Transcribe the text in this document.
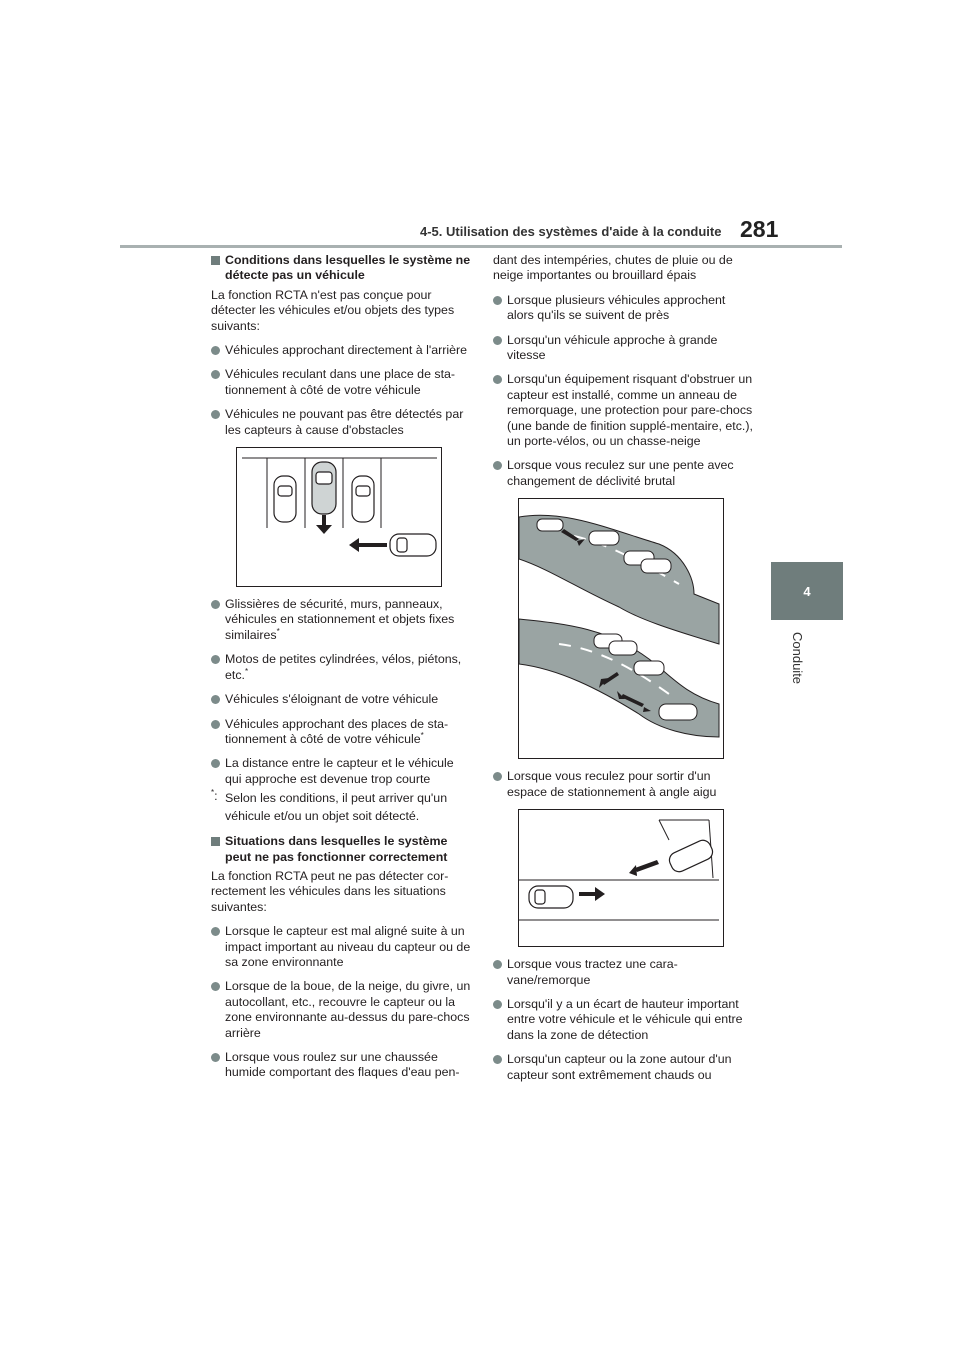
4-5. Utilisation des systèmes d'aide à la conduite 281
4
Conduite
Conditions dans lesquelles le système ne détecte pas un véhicule

La fonction RCTA n'est pas conçue pour détecter les véhicules et/ou objets des types suivants:

Véhicules approchant directement à l'arrière
Véhicules reculant dans une place de sta-tionnement à côté de votre véhicule
Véhicules ne pouvant pas être détectés par les capteurs à cause d'obstacles
Glissières de sécurité, murs, panneaux, véhicules en stationnement et objets fixes similaires*
Motos de petites cylindrées, vélos, piétons, etc.*
Véhicules s'éloignant de votre véhicule
Véhicules approchant des places de sta-tionnement à côté de votre véhicule*
La distance entre le capteur et le véhicule qui approche est devenue trop courte
*: Selon les conditions, il peut arriver qu'un véhicule et/ou un objet soit détecté.
Situations dans lesquelles le système peut ne pas fonctionner correctement

La fonction RCTA peut ne pas détecter cor-rectement les véhicules dans les situations suivantes:

Lorsque le capteur est mal aligné suite à un impact important au niveau du capteur ou de sa zone environnante
Lorsque de la boue, de la neige, du givre, un autocollant, etc., recouvre le capteur ou la zone environnante au-dessus du pare-chocs arrière
Lorsque vous roulez sur une chaussée humide comportant des flaques d'eau pen-
dant des intempéries, chutes de pluie ou de neige importantes ou brouillard épais
Lorsque plusieurs véhicules approchent alors qu'ils se suivent de près
Lorsqu'un véhicule approche à grande vitesse
Lorsqu'un équipement risquant d'obstruer un capteur est installé, comme un anneau de remorquage, une protection pour pare-chocs (une bande de finition supplé-mentaire, etc.), un porte-vélos, ou un chasse-neige
Lorsque vous reculez sur une pente avec changement de déclivité brutal
Lorsque vous reculez pour sortir d'un espace de stationnement à angle aigu
Lorsque vous tractez une cara-vane/remorque
Lorsqu'il y a un écart de hauteur important entre votre véhicule et le véhicule qui entre dans la zone de détection
Lorsqu'un capteur ou la zone autour d'un capteur sont extrêmement chauds ou
